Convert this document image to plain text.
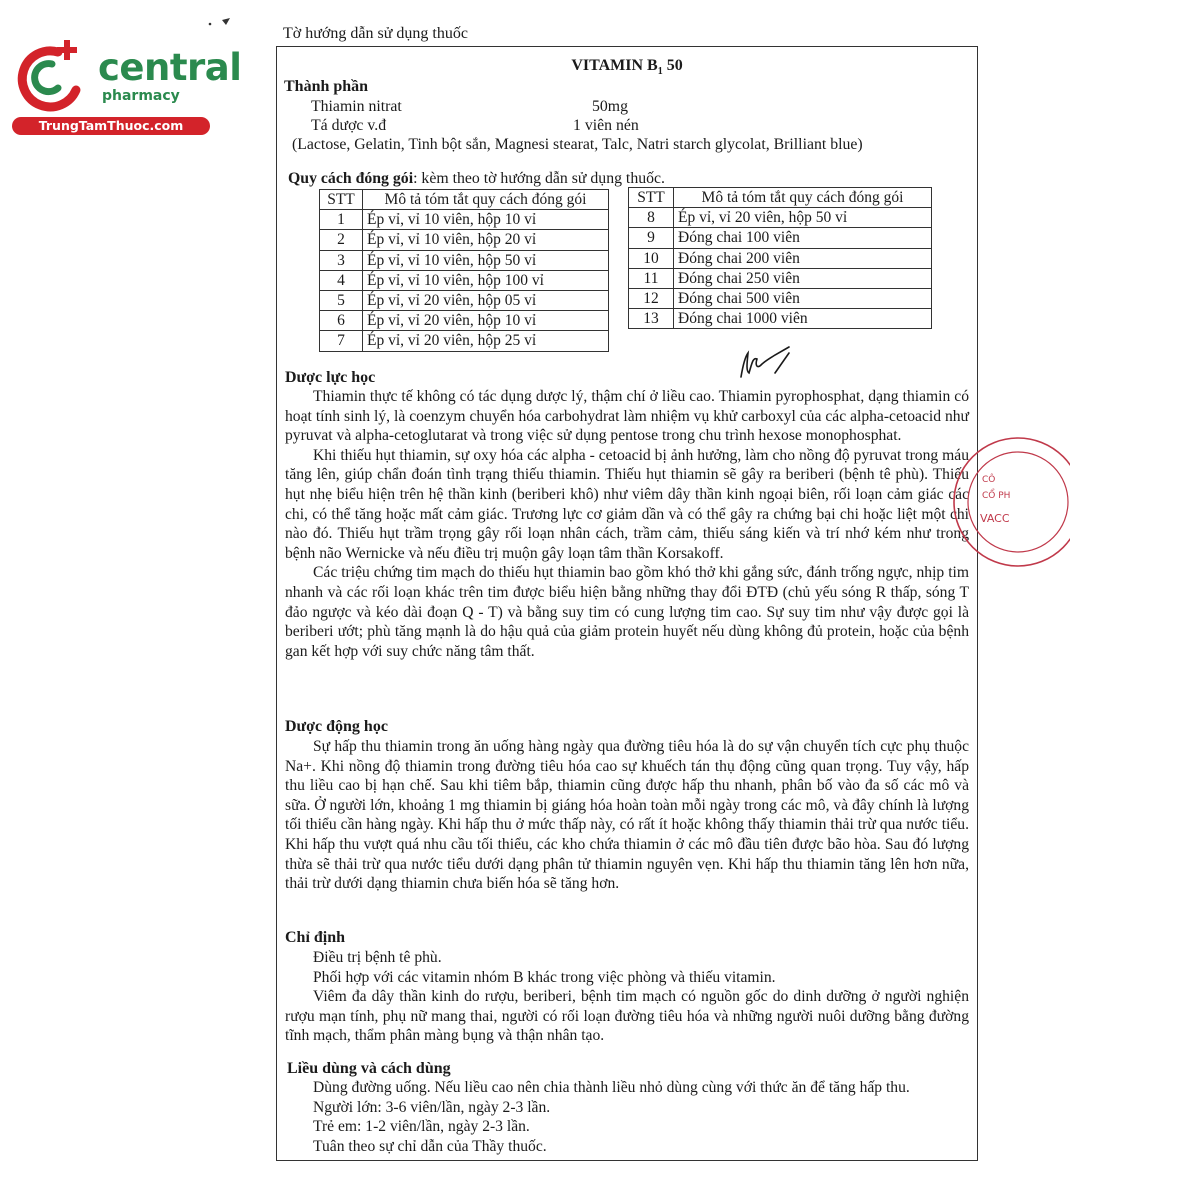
central
pharmacy
TrungTamThuoc.com
Tờ hướng dẫn sử dụng thuốc
VITAMIN $B_1$ 50
Thành phần
Thiamin nitrat	50mg
Tá dược v.đ	1 viên nén
(Lactose, Gelatin, Tinh bột sắn, Magnesi stearat, Talc, Natri starch glycolat, Brilliant blue)
Quy cách đóng gói: kèm theo tờ hướng dẫn sử dụng thuốc.
STT	Mô tả tóm tắt quy cách đóng gói
1	Ép vỉ, vỉ 10 viên, hộp 10 vỉ
2	Ép vỉ, vỉ 10 viên, hộp 20 vỉ
3	Ép vỉ, vỉ 10 viên, hộp 50 vỉ
4	Ép vỉ, vỉ 10 viên, hộp 100 vỉ
5	Ép vỉ, vỉ 20 viên, hộp 05 vỉ
6	Ép vỉ, vỉ 20 viên, hộp 10 vỉ
7	Ép vỉ, vỉ 20 viên, hộp 25 vỉ
STT	Mô tả tóm tắt quy cách đóng gói
8	Ép vỉ, vỉ 20 viên, hộp 50 vỉ
9	Đóng chai 100 viên
10	Đóng chai 200 viên
11	Đóng chai 250 viên
12	Đóng chai 500 viên
13	Đóng chai 1000 viên
Dược lực học

Thiamin thực tế không có tác dụng dược lý, thậm chí ở liều cao. Thiamin pyrophosphat, dạng thiamin có hoạt tính sinh lý, là coenzym chuyển hóa carbohydrat làm nhiệm vụ khử carboxyl của các alpha-cetoacid như pyruvat và alpha-cetoglutarat và trong việc sử dụng pentose trong chu trình hexose monophosphat.

Khi thiếu hụt thiamin, sự oxy hóa các alpha - cetoacid bị ảnh hưởng, làm cho nồng độ pyruvat trong máu tăng lên, giúp chẩn đoán tình trạng thiếu thiamin. Thiếu hụt thiamin sẽ gây ra beriberi (bệnh tê phù). Thiếu hụt nhẹ biểu hiện trên hệ thần kinh (beriberi khô) như viêm dây thần kinh ngoại biên, rối loạn cảm giác các chi, có thể tăng hoặc mất cảm giác. Trương lực cơ giảm dần và có thể gây ra chứng bại chi hoặc liệt một chi nào đó. Thiếu hụt trầm trọng gây rối loạn nhân cách, trầm cảm, thiếu sáng kiến và trí nhớ kém như trong bệnh não Wernicke và nếu điều trị muộn gây loạn tâm thần Korsakoff.

Các triệu chứng tim mạch do thiếu hụt thiamin bao gồm khó thở khi gắng sức, đánh trống ngực, nhịp tim nhanh và các rối loạn khác trên tim được biểu hiện bằng những thay đổi ĐTĐ (chủ yếu sóng R thấp, sóng T đảo ngược và kéo dài đoạn Q - T) và bằng suy tim có cung lượng tim cao. Sự suy tim như vậy được gọi là beriberi ướt; phù tăng mạnh là do hậu quả của giảm protein huyết nếu dùng không đủ protein, hoặc của bệnh gan kết hợp với suy chức năng tâm thất.

Dược động học

Sự hấp thu thiamin trong ăn uống hàng ngày qua đường tiêu hóa là do sự vận chuyển tích cực phụ thuộc Na+. Khi nồng độ thiamin trong đường tiêu hóa cao sự khuếch tán thụ động cũng quan trọng. Tuy vậy, hấp thu liều cao bị hạn chế. Sau khi tiêm bắp, thiamin cũng được hấp thu nhanh, phân bố vào đa số các mô và sữa. Ở người lớn, khoảng 1 mg thiamin bị giáng hóa hoàn toàn mỗi ngày trong các mô, và đây chính là lượng tối thiểu cần hàng ngày. Khi hấp thu ở mức thấp này, có rất ít hoặc không thấy thiamin thải trừ qua nước tiểu. Khi hấp thu vượt quá nhu cầu tối thiểu, các kho chứa thiamin ở các mô đầu tiên được bão hòa. Sau đó lượng thừa sẽ thải trừ qua nước tiểu dưới dạng phân tử thiamin nguyên vẹn. Khi hấp thu thiamin tăng lên hơn nữa, thải trừ dưới dạng thiamin chưa biến hóa sẽ tăng hơn.

Chỉ định

Điều trị bệnh tê phù.

Phối hợp với các vitamin nhóm B khác trong việc phòng và thiếu vitamin.

Viêm đa dây thần kinh do rượu, beriberi, bệnh tim mạch có nguồn gốc do dinh dưỡng ở người nghiện rượu mạn tính, phụ nữ mang thai, người có rối loạn đường tiêu hóa và những người nuôi dưỡng bằng đường tĩnh mạch, thẩm phân màng bụng và thận nhân tạo.

Liều dùng và cách dùng

Dùng đường uống. Nếu liều cao nên chia thành liều nhỏ dùng cùng với thức ăn để tăng hấp thu.

Người lớn: 3-6 viên/lần, ngày 2-3 lần.

Trẻ em: 1-2 viên/lần, ngày 2-3 lần.

Tuân theo sự chỉ dẫn của Thầy thuốc.

CÔ
CỔ PH
VACC
